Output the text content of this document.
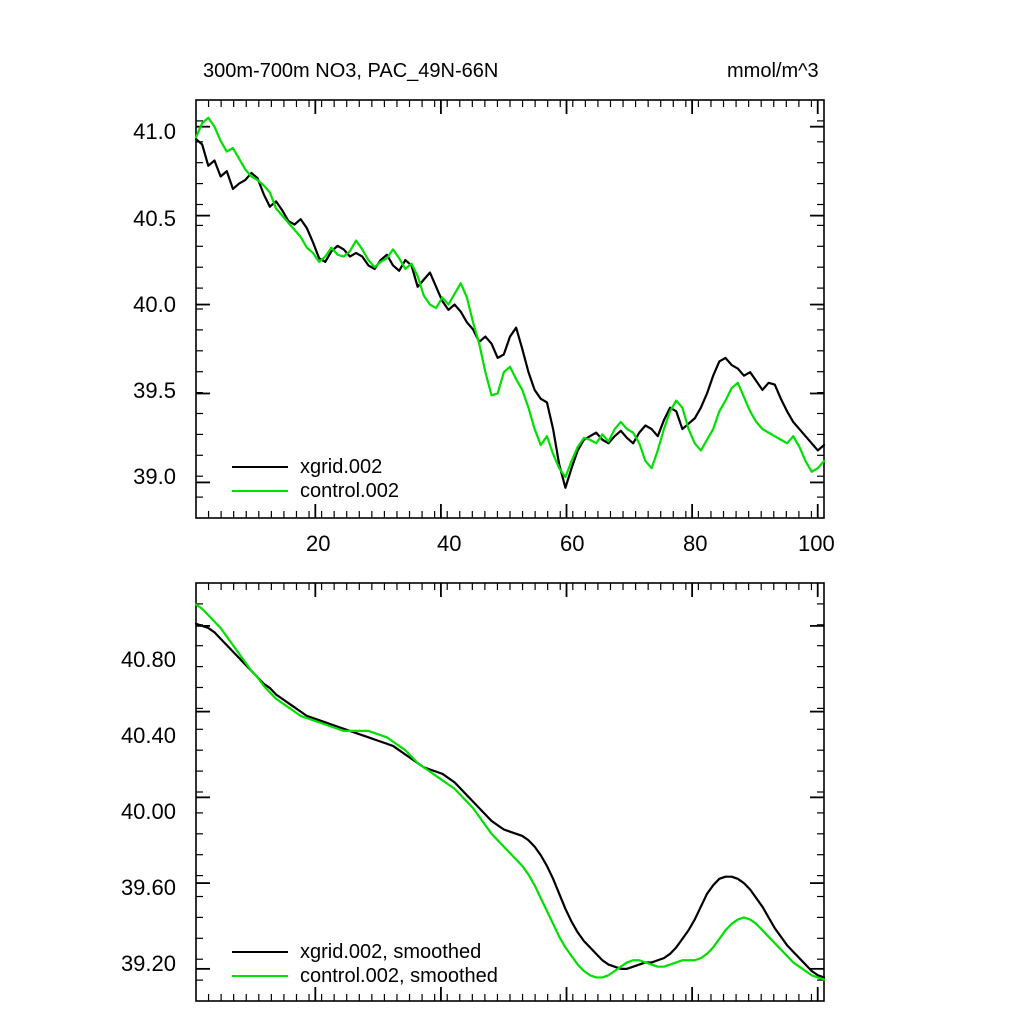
300m-700m NO3, PAC_49N-66N	mmol/m^3
41.0
40.5
40.0
39.5
39.0
20	40	60	80	100
xgrid.002
control.002
40.80
40.40
40.00
39.60
39.20	xgrid.002, smoothed
control.002, smoothed
